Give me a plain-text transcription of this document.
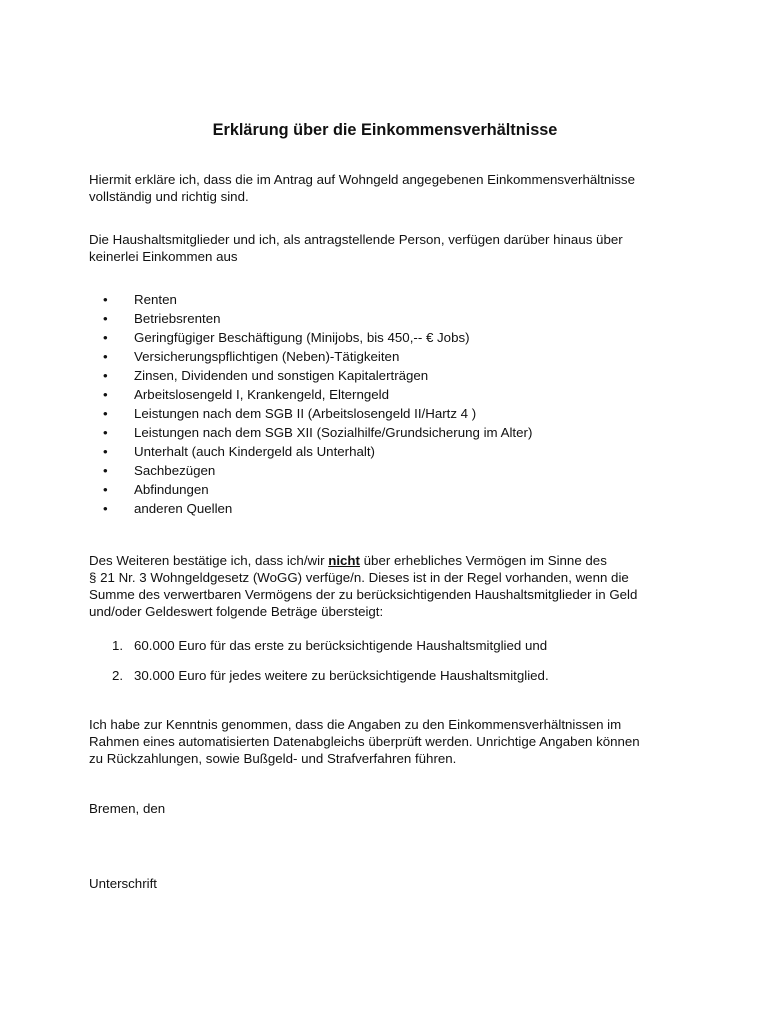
Erklärung über die Einkommensverhältnisse

Hiermit erkläre ich, dass die im Antrag auf Wohngeld angegebenen Einkommensverhältnisse

vollständig und richtig sind.

Die Haushaltsmitglieder und ich, als antragstellende Person, verfügen darüber hinaus über

keinerlei Einkommen aus

• Renten
• Betriebsrenten
• Geringfügiger Beschäftigung (Minijobs, bis 450,-- € Jobs)
• Versicherungspflichtigen (Neben)-Tätigkeiten
• Zinsen, Dividenden und sonstigen Kapitalerträgen
• Arbeitslosengeld I, Krankengeld, Elterngeld
• Leistungen nach dem SGB II (Arbeitslosengeld II/Hartz 4 )
• Leistungen nach dem SGB XII (Sozialhilfe/Grundsicherung im Alter)
• Unterhalt (auch Kindergeld als Unterhalt)
• Sachbezügen
• Abfindungen
• anderen Quellen

Des Weiteren bestätige ich, dass ich/wir nicht über erhebliches Vermögen im Sinne des

§ 21 Nr. 3 Wohngeldgesetz (WoGG) verfüge/n. Dieses ist in der Regel vorhanden, wenn die

Summe des verwertbaren Vermögens der zu berücksichtigenden Haushaltsmitglieder in Geld

und/oder Geldeswert folgende Beträge übersteigt:

1. 60.000 Euro für das erste zu berücksichtigende Haushaltsmitglied und
2. 30.000 Euro für jedes weitere zu berücksichtigende Haushaltsmitglied.

Ich habe zur Kenntnis genommen, dass die Angaben zu den Einkommensverhältnissen im

Rahmen eines automatisierten Datenabgleichs überprüft werden. Unrichtige Angaben können

zu Rückzahlungen, sowie Bußgeld- und Strafverfahren führen.

Bremen, den
Unterschrift
